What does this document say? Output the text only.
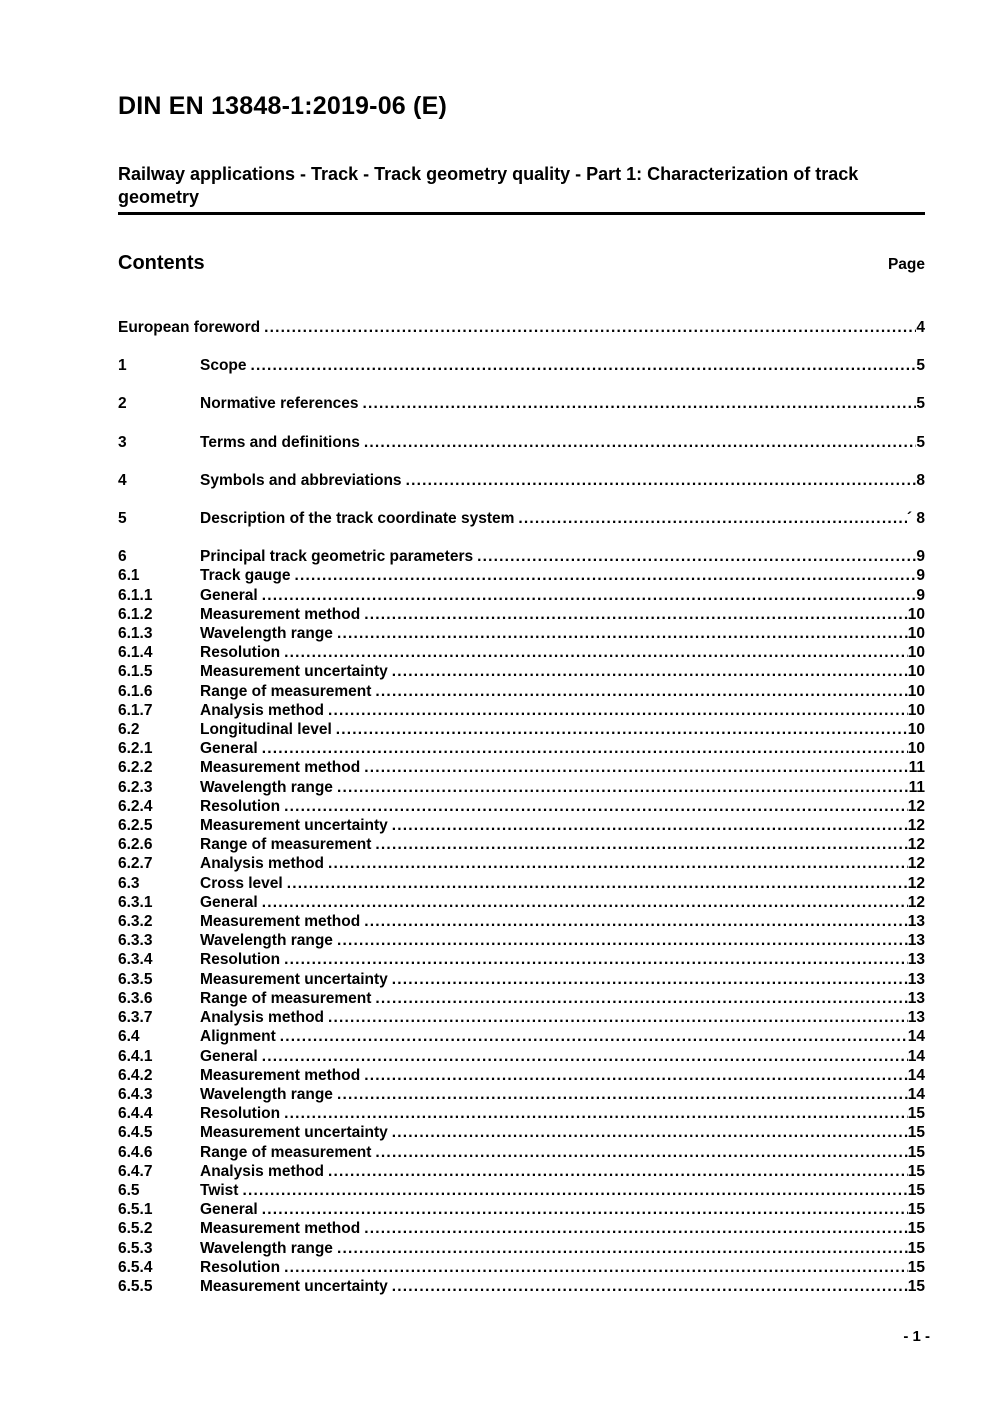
DIN EN 13848-1:2019-06 (E)
Railway applications - Track - Track geometry quality - Part 1: Characterization of track geometry
Contents	Page
European foreword .....	4
1	Scope .....	5
2	Normative references .....	5
3	Terms and definitions .....	5
4	Symbols and abbreviations .....	8
5	Description of the track coordinate system .....	´ 8
6	Principal track geometric parameters .....	9
6.1	Track gauge .....	9
6.1.1	General .....	9
6.1.2	Measurement method .....	10
6.1.3	Wavelength range .....	10
6.1.4	Resolution .....	10
6.1.5	Measurement uncertainty .....	10
6.1.6	Range of measurement .....	10
6.1.7	Analysis method .....	10
6.2	Longitudinal level .....	10
6.2.1	General .....	10
6.2.2	Measurement method .....	11
6.2.3	Wavelength range .....	11
6.2.4	Resolution .....	12
6.2.5	Measurement uncertainty .....	12
6.2.6	Range of measurement .....	12
6.2.7	Analysis method .....	12
6.3	Cross level .....	12
6.3.1	General .....	12
6.3.2	Measurement method .....	13
6.3.3	Wavelength range .....	13
6.3.4	Resolution .....	13
6.3.5	Measurement uncertainty .....	13
6.3.6	Range of measurement .....	13
6.3.7	Analysis method .....	13
6.4	Alignment .....	14
6.4.1	General .....	14
6.4.2	Measurement method .....	14
6.4.3	Wavelength range .....	14
6.4.4	Resolution .....	15
6.4.5	Measurement uncertainty .....	15
6.4.6	Range of measurement .....	15
6.4.7	Analysis method .....	15
6.5	Twist .....	15
6.5.1	General .....	15
6.5.2	Measurement method .....	15
6.5.3	Wavelength range .....	15
6.5.4	Resolution .....	15
6.5.5	Measurement uncertainty .....	15
- 1 -
